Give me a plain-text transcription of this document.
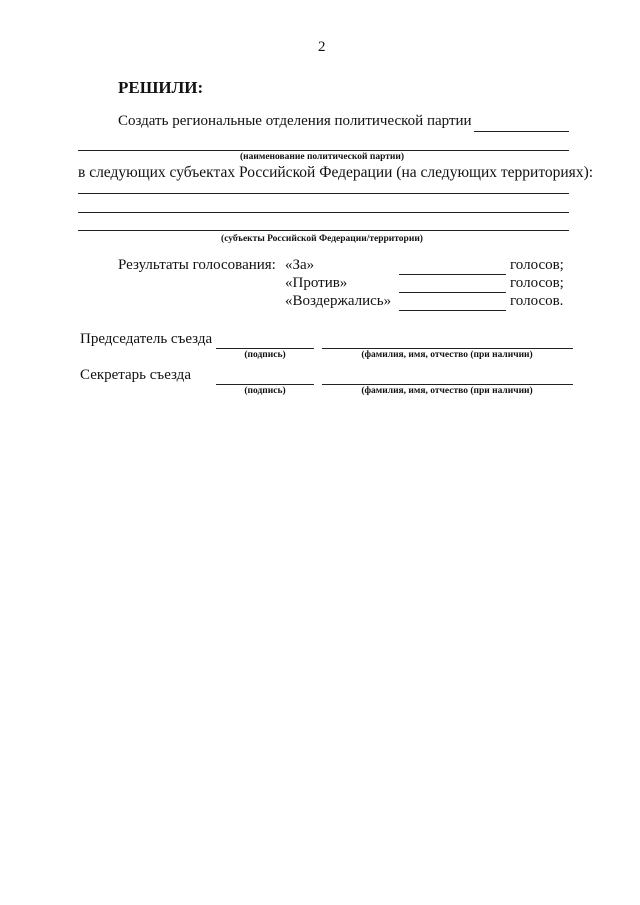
2
РЕШИЛИ:
Создать региональные отделения политической партии
(наименование политической партии)
в следующих субъектах Российской Федерации (на следующих территориях):
(субъекты Российской Федерации/территории)
Результаты голосования: «За»	голосов;
«Против»	голосов;
«Воздержались»	голосов.
Председатель съезда
(подпись)	(фамилия, имя, отчество (при наличии)
Секретарь съезда
(подпись)	(фамилия, имя, отчество (при наличии)
